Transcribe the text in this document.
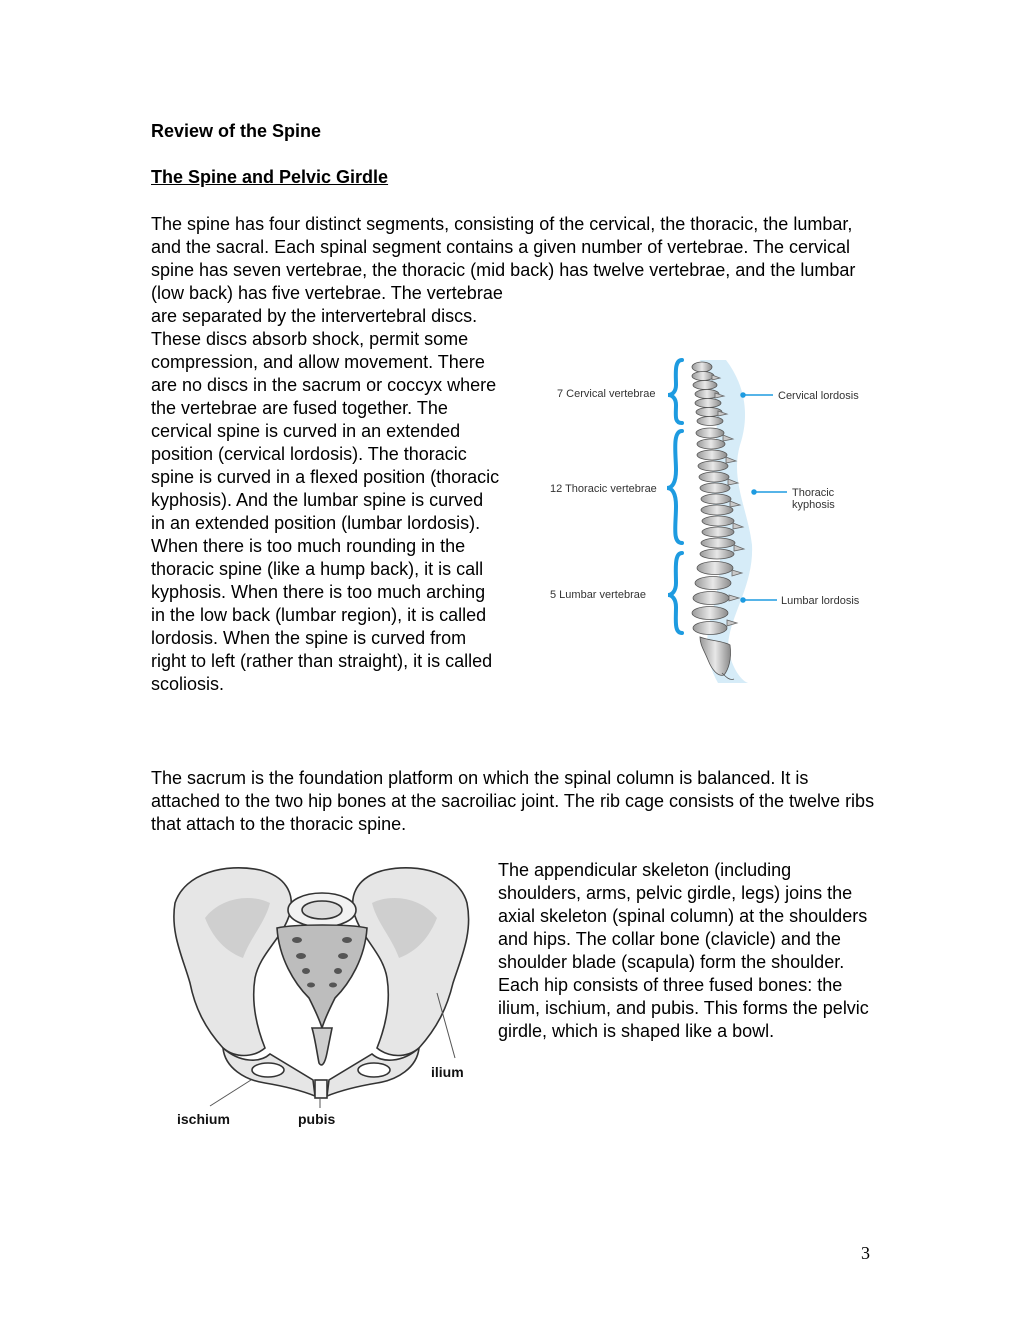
Review of the Spine
The Spine and Pelvic Girdle

The spine has four distinct segments, consisting of the cervical, the thoracic, the lumbar, and the sacral. Each spinal segment contains a given number of vertebrae. The cervical spine has seven vertebrae, the thoracic (mid back) has twelve vertebrae, and the lumbar (low back) has five vertebrae. The vertebrae

are separated by the intervertebral discs. These discs absorb shock, permit some compression, and allow movement. There are no discs in the sacrum or coccyx where the vertebrae are fused together. The cervical spine is curved in an extended position (cervical lordosis). The thoracic spine is curved in a flexed position (thoracic kyphosis). And the lumbar spine is curved in an extended position (lumbar lordosis). When there is too much rounding in the thoracic spine (like a hump back), it is call kyphosis. When there is too much arching in the low back (lumbar region), it is called lordosis. When the spine is curved from right to left (rather than straight), it is called scoliosis.

7 Cervical vertebrae
12 Thoracic vertebrae
5 Lumbar vertebrae
Cervical lordosis
Thoracic
kyphosis
Lumbar lordosis

The sacrum is the foundation platform on which the spinal column is balanced. It is attached to the two hip bones at the sacroiliac joint. The rib cage consists of the twelve ribs that attach to the thoracic spine.

ilium
ischium	pubis

The appendicular skeleton (including shoulders, arms, pelvic girdle, legs) joins the axial skeleton (spinal column) at the shoulders and hips. The collar bone (clavicle) and the shoulder blade (scapula) form the shoulder. Each hip consists of three fused bones: the ilium, ischium, and pubis. This forms the pelvic girdle, which is shaped like a bowl.

3
